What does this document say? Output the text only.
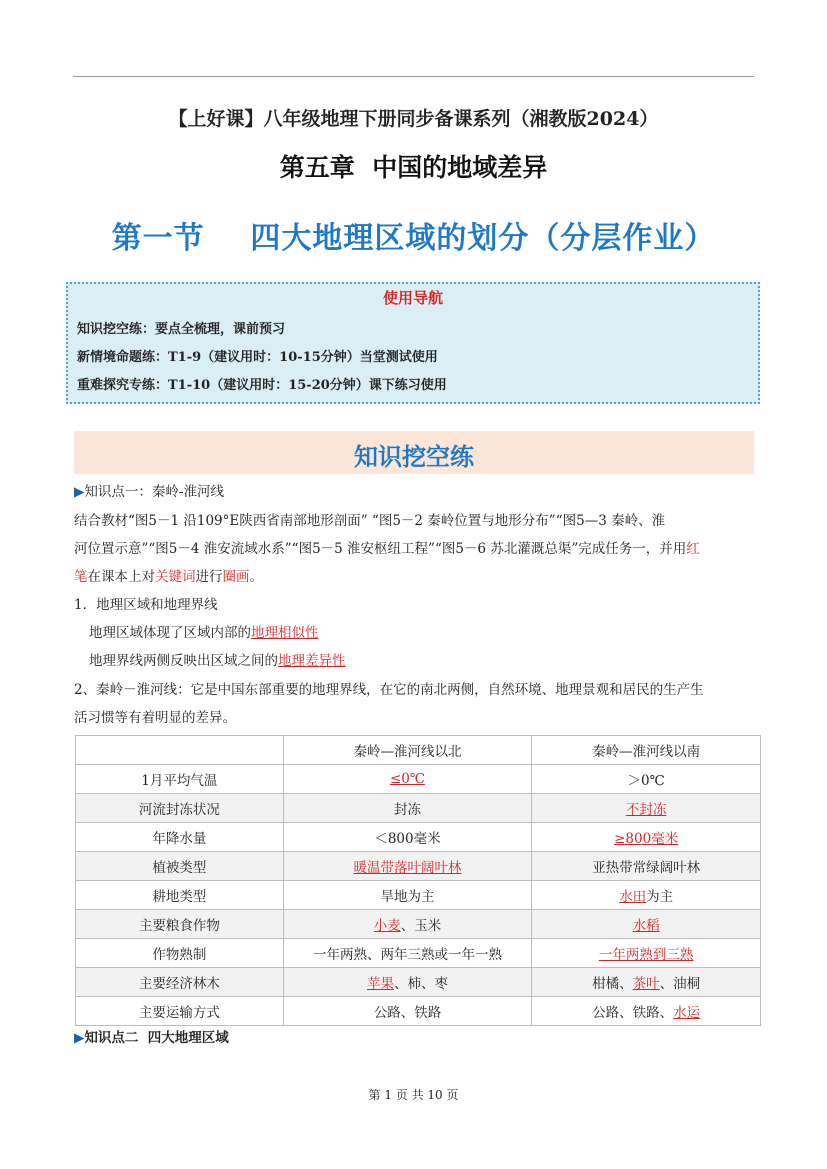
【上好课】八年级地理下册同步备课系列（湘教版2024）
第五章  中国的地域差异
第一节    四大地理区域的划分（分层作业）
使用导航
知识挖空练：要点全梳理，课前预习
新情境命题练：T1-9（建议用时：10-15分钟）当堂测试使用
重难探究专练：T1-10（建议用时：15-20分钟）课下练习使用
知识挖空练
▶知识点一：秦岭-淮河线
结合教材“图5－1 沿109°E陕西省南部地形剖面” “图5－2 秦岭位置与地形分布”“图5—3 秦岭、淮
河位置示意”“图5－4 淮安流域水系”“图5－5 淮安枢纽工程”“图5－6 苏北灌溉总渠”完成任务一，并用红
笔在课本上对关键词进行圈画。
1．地理区域和地理界线
地理区域体现了区域内部的地理相似性
地理界线两侧反映出区域之间的地理差异性
2、秦岭－淮河线：它是中国东部重要的地理界线，在它的南北两侧，自然环境、地理景观和居民的生产生
活习惯等有着明显的差异。
	秦岭—淮河线以北	秦岭—淮河线以南
1月平均气温	≤0℃	＞0℃
河流封冻状况	封冻	不封冻
年降水量	＜800毫米	≥800毫米
植被类型	暖温带落叶阔叶林	亚热带常绿阔叶林
耕地类型	旱地为主	水田为主
主要粮食作物	小麦、玉米	水稻
作物熟制	一年两熟、两年三熟或一年一熟	一年两熟到三熟
主要经济林木	苹果、柿、枣	柑橘、茶叶、油桐
主要运输方式	公路、铁路	公路、铁路、水运
▶知识点二  四大地理区域
第 1 页 共 10 页
